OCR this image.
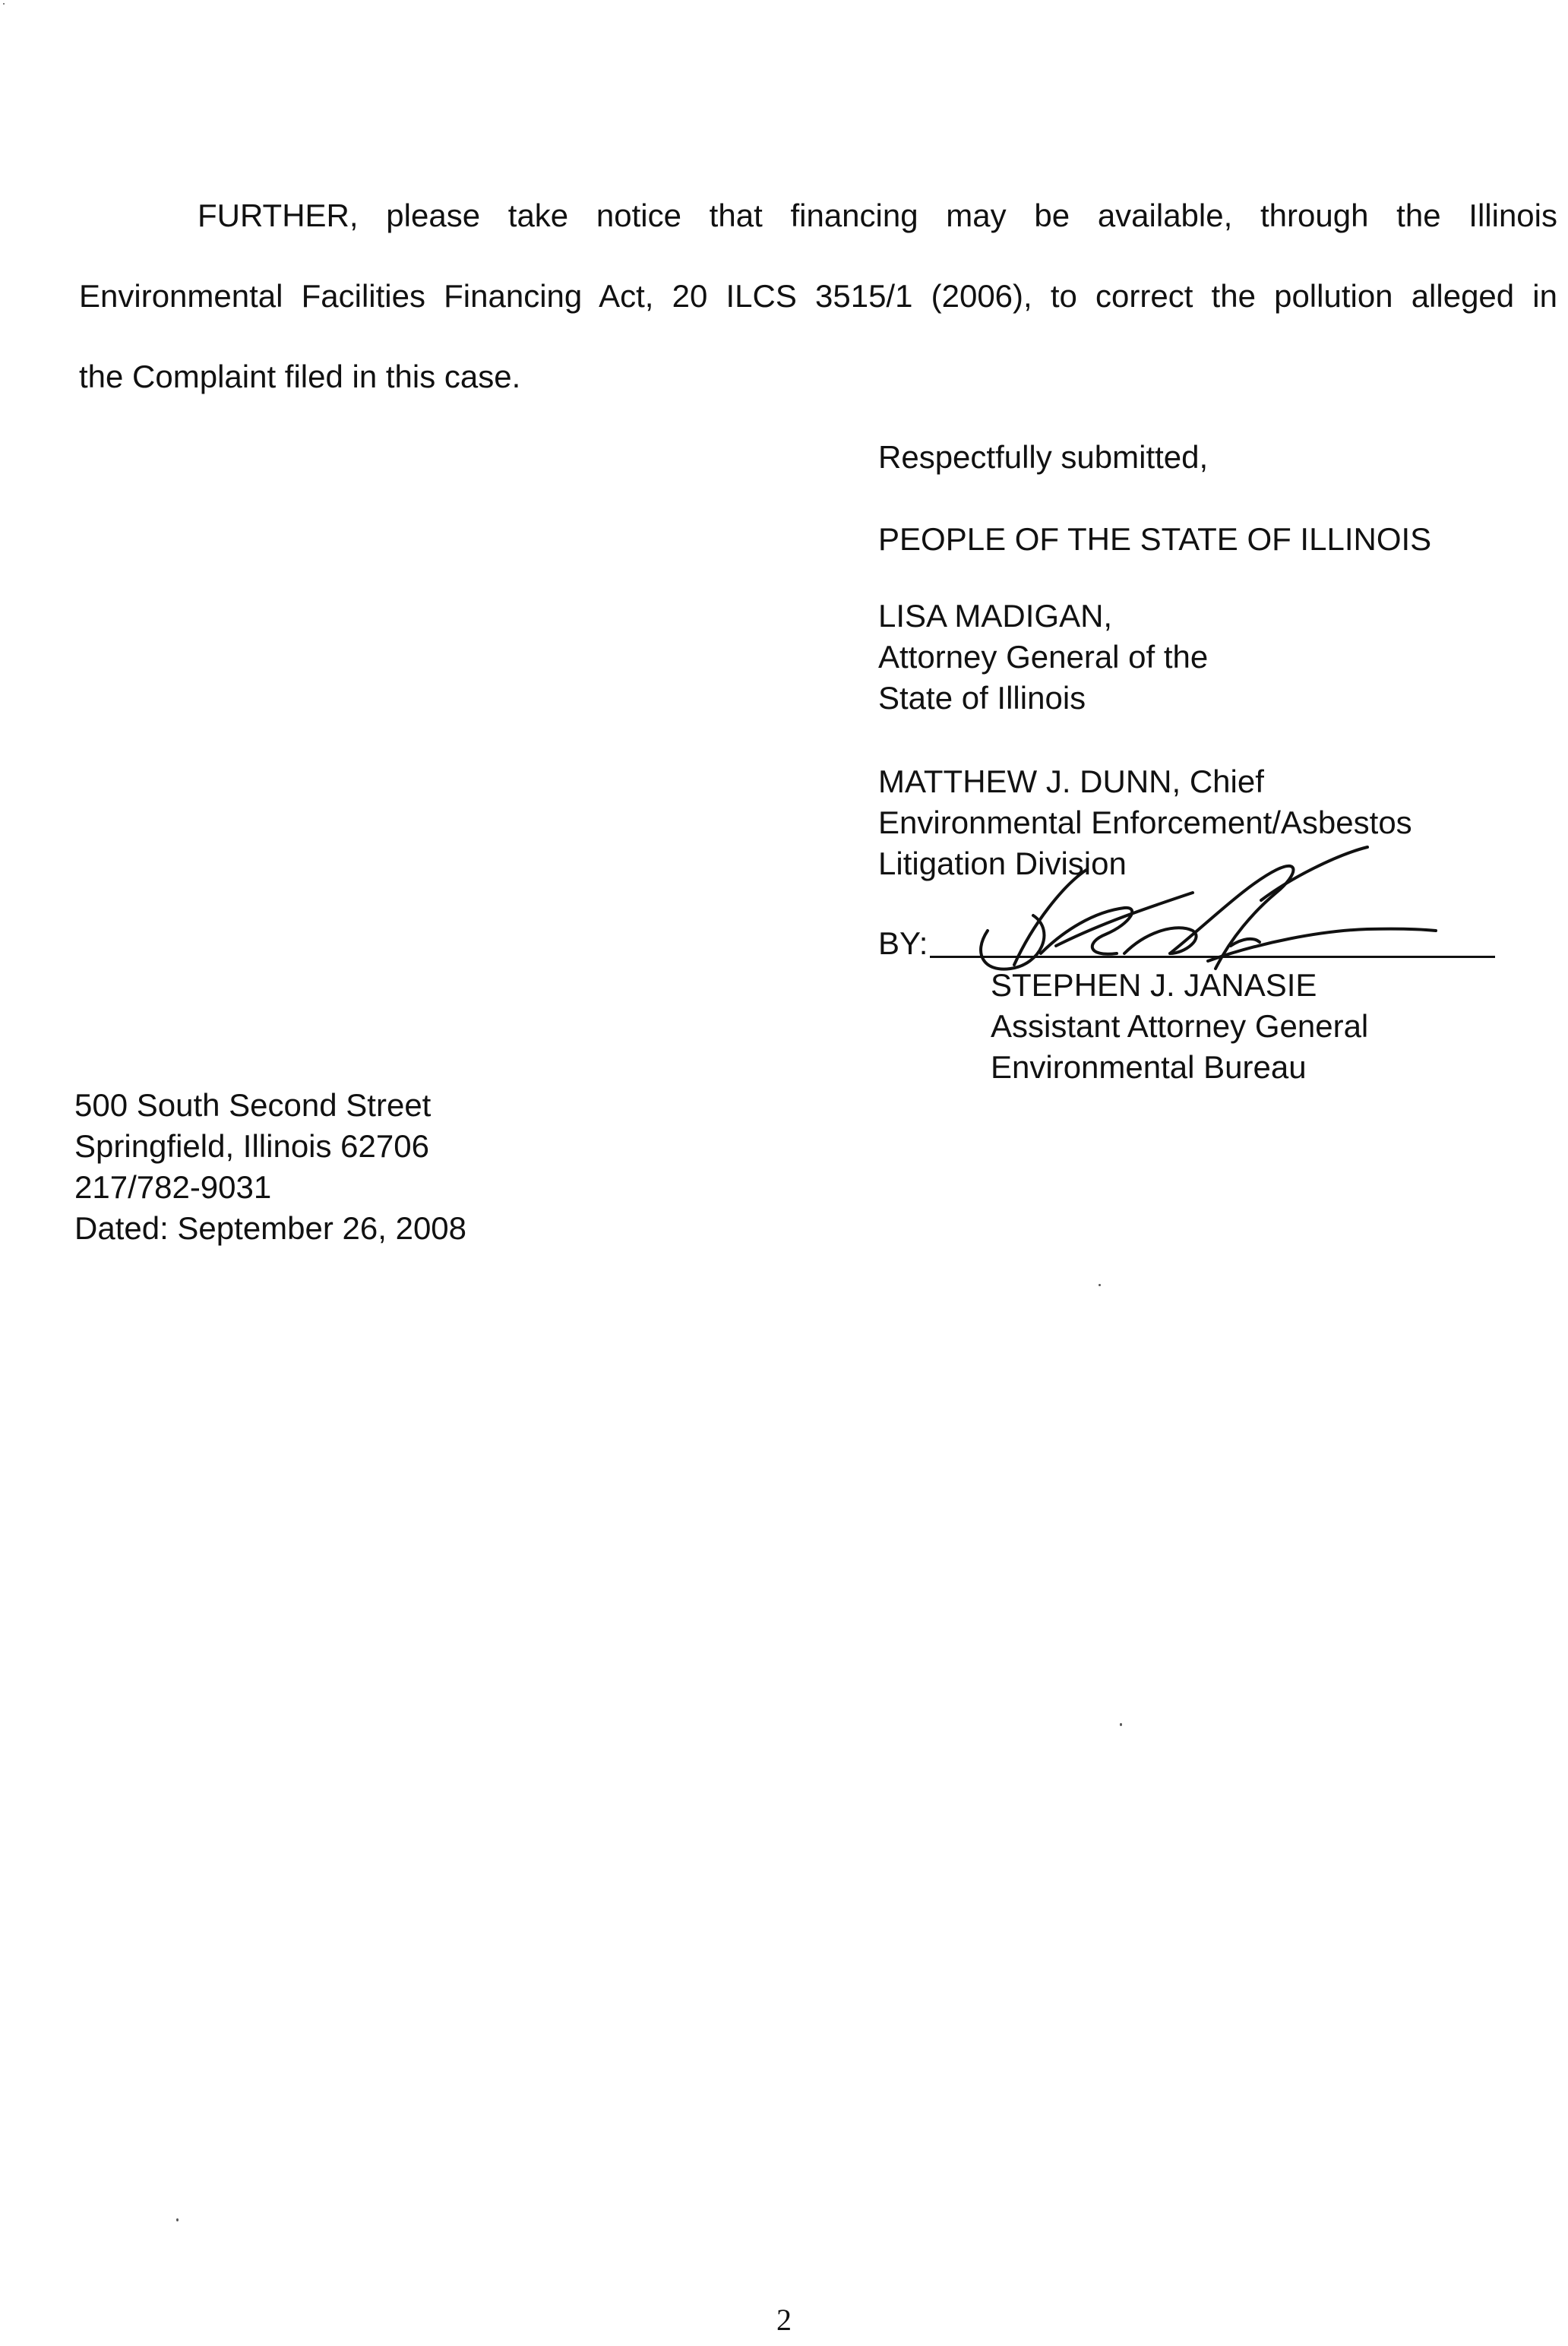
FURTHER, please take notice that financing may be available, through the Illinois
Environmental Facilities Financing Act, 20 ILCS 3515/1 (2006), to correct the pollution alleged in
the Complaint filed in this case.
Respectfully submitted,
PEOPLE OF THE STATE OF ILLINOIS
LISA MADIGAN,
Attorney General of the
State of Illinois
MATTHEW J. DUNN, Chief
Environmental Enforcement/Asbestos
Litigation Division
BY:
STEPHEN J. JANASIE
Assistant Attorney General
Environmental Bureau
500 South Second Street
Springfield, Illinois 62706
217/782-9031
Dated: September 26, 2008
2
